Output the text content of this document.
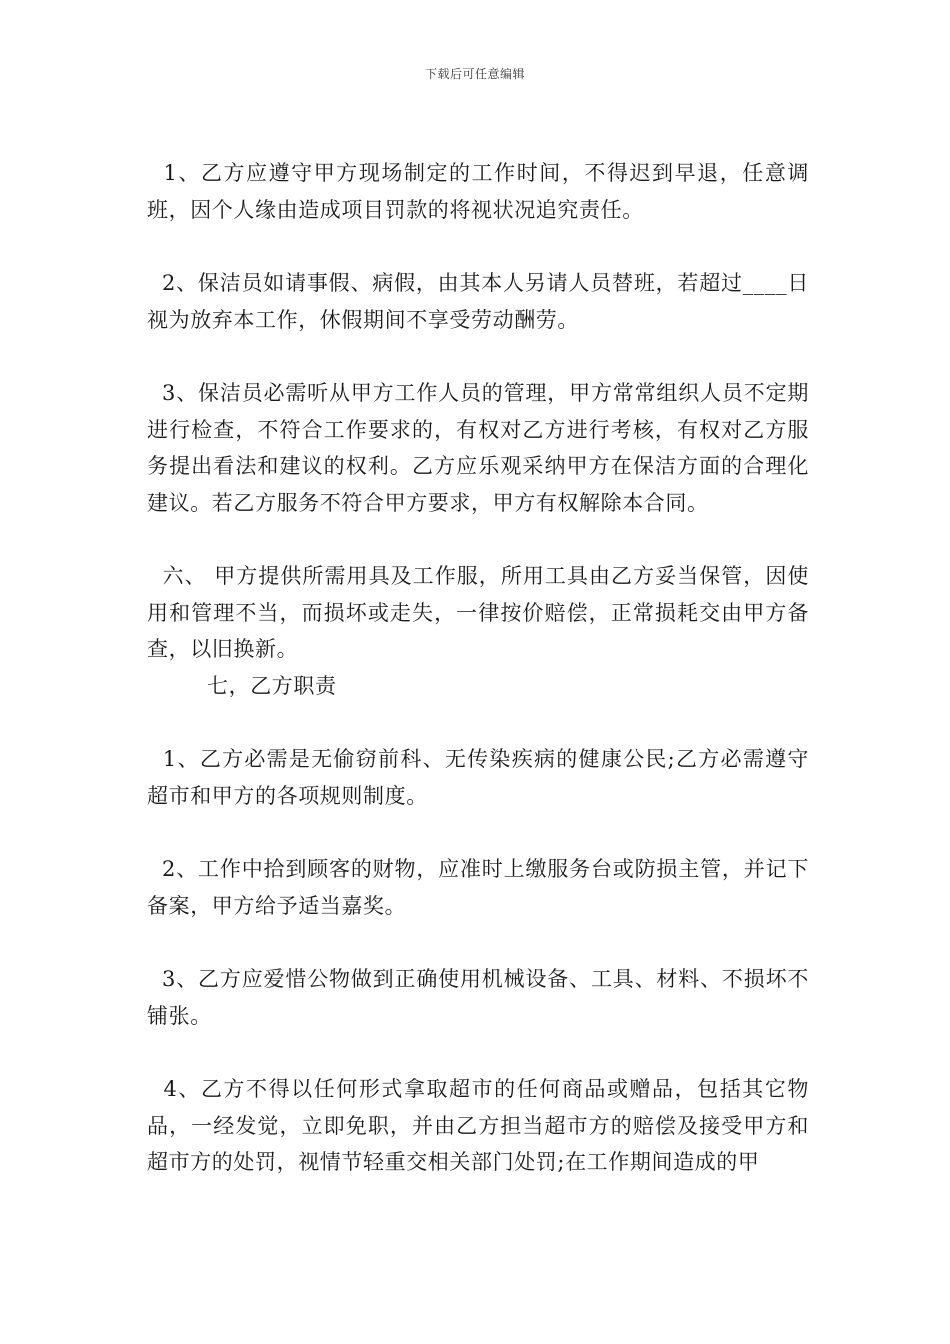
下载后可任意编辑

1、乙方应遵守甲方现场制定的工作时间，不得迟到早退，任意调班，因个人缘由造成项目罚款的将视状况追究责任。

2、保洁员如请事假、病假，由其本人另请人员替班，若超过____日视为放弃本工作，休假期间不享受劳动酬劳。

3、保洁员必需听从甲方工作人员的管理，甲方常常组织人员不定期进行检查，不符合工作要求的，有权对乙方进行考核，有权对乙方服务提出看法和建议的权利。乙方应乐观采纳甲方在保洁方面的合理化建议。若乙方服务不符合甲方要求，甲方有权解除本合同。

六、 甲方提供所需用具及工作服，所用工具由乙方妥当保管，因使用和管理不当，而损坏或走失，一律按价赔偿，正常损耗交由甲方备查，以旧换新。

七，乙方职责

1、乙方必需是无偷窃前科、无传染疾病的健康公民;乙方必需遵守超市和甲方的各项规则制度。

2、工作中拾到顾客的财物，应准时上缴服务台或防损主管，并记下备案，甲方给予适当嘉奖。

3、乙方应爱惜公物做到正确使用机械设备、工具、材料、不损坏不铺张。

4、乙方不得以任何形式拿取超市的任何商品或赠品，包括其它物品，一经发觉，立即免职，并由乙方担当超市方的赔偿及接受甲方和超市方的处罚，视情节轻重交相关部门处罚;在工作期间造成的甲
